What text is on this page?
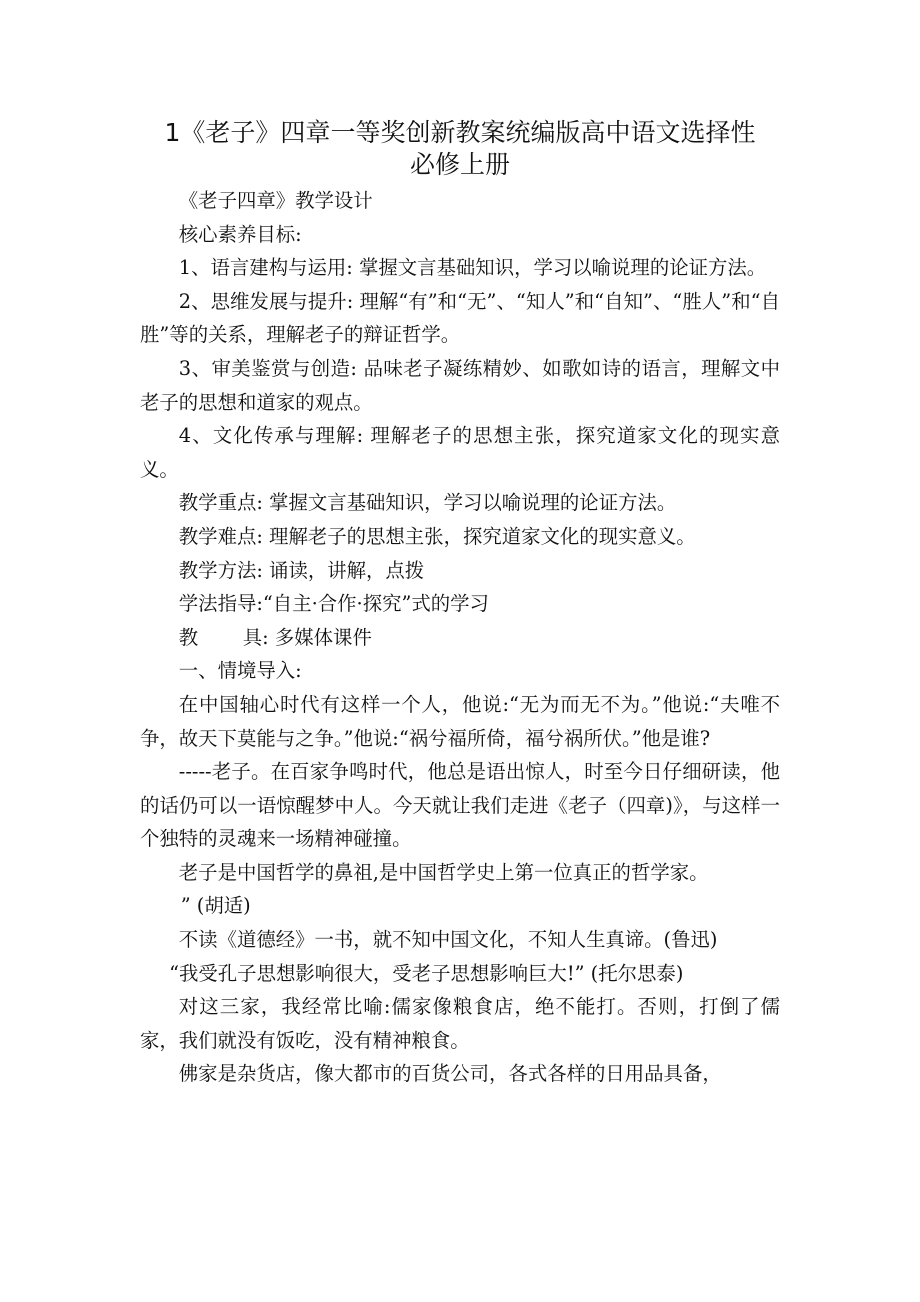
1《老子》四章一等奖创新教案统编版高中语文选择性
必修上册

《老子四章》教学设计

核心素养目标:

1、语言建构与运用: 掌握文言基础知识，学习以喻说理的论证方法。

2、思维发展与提升: 理解“有”和“无”、“知人”和“自知”、“胜人”和“自胜”等的关系，理解老子的辩证哲学。

3、审美鉴赏与创造: 品味老子凝练精妙、如歌如诗的语言，理解文中老子的思想和道家的观点。

4、文化传承与理解: 理解老子的思想主张，探究道家文化的现实意义。

教学重点: 掌握文言基础知识，学习以喻说理的论证方法。

教学难点: 理解老子的思想主张，探究道家文化的现实意义。

教学方法: 诵读，讲解，点拨

学法指导:“自主·合作·探究”式的学习

教 具: 多媒体课件

一、情境导入:

在中国轴心时代有这样一个人，他说:“无为而无不为。”他说:“夫唯不争，故天下莫能与之争。”他说:“祸兮福所倚，福兮祸所伏。”他是谁?

-----老子。在百家争鸣时代，他总是语出惊人，时至今日仔细研读，他的话仍可以一语惊醒梦中人。今天就让我们走进《老子（四章)》，与这样一个独特的灵魂来一场精神碰撞。

老子是中国哲学的鼻祖,是中国哲学史上第一位真正的哲学家。

” (胡适)

不读《道德经》一书，就不知中国文化，不知人生真谛。(鲁迅)

“我受孔子思想影响很大，受老子思想影响巨大!” (托尔思泰)

对这三家，我经常比喻:儒家像粮食店，绝不能打。否则，打倒了儒家，我们就没有饭吃，没有精神粮食。

佛家是杂货店，像大都市的百货公司，各式各样的日用品具备，
